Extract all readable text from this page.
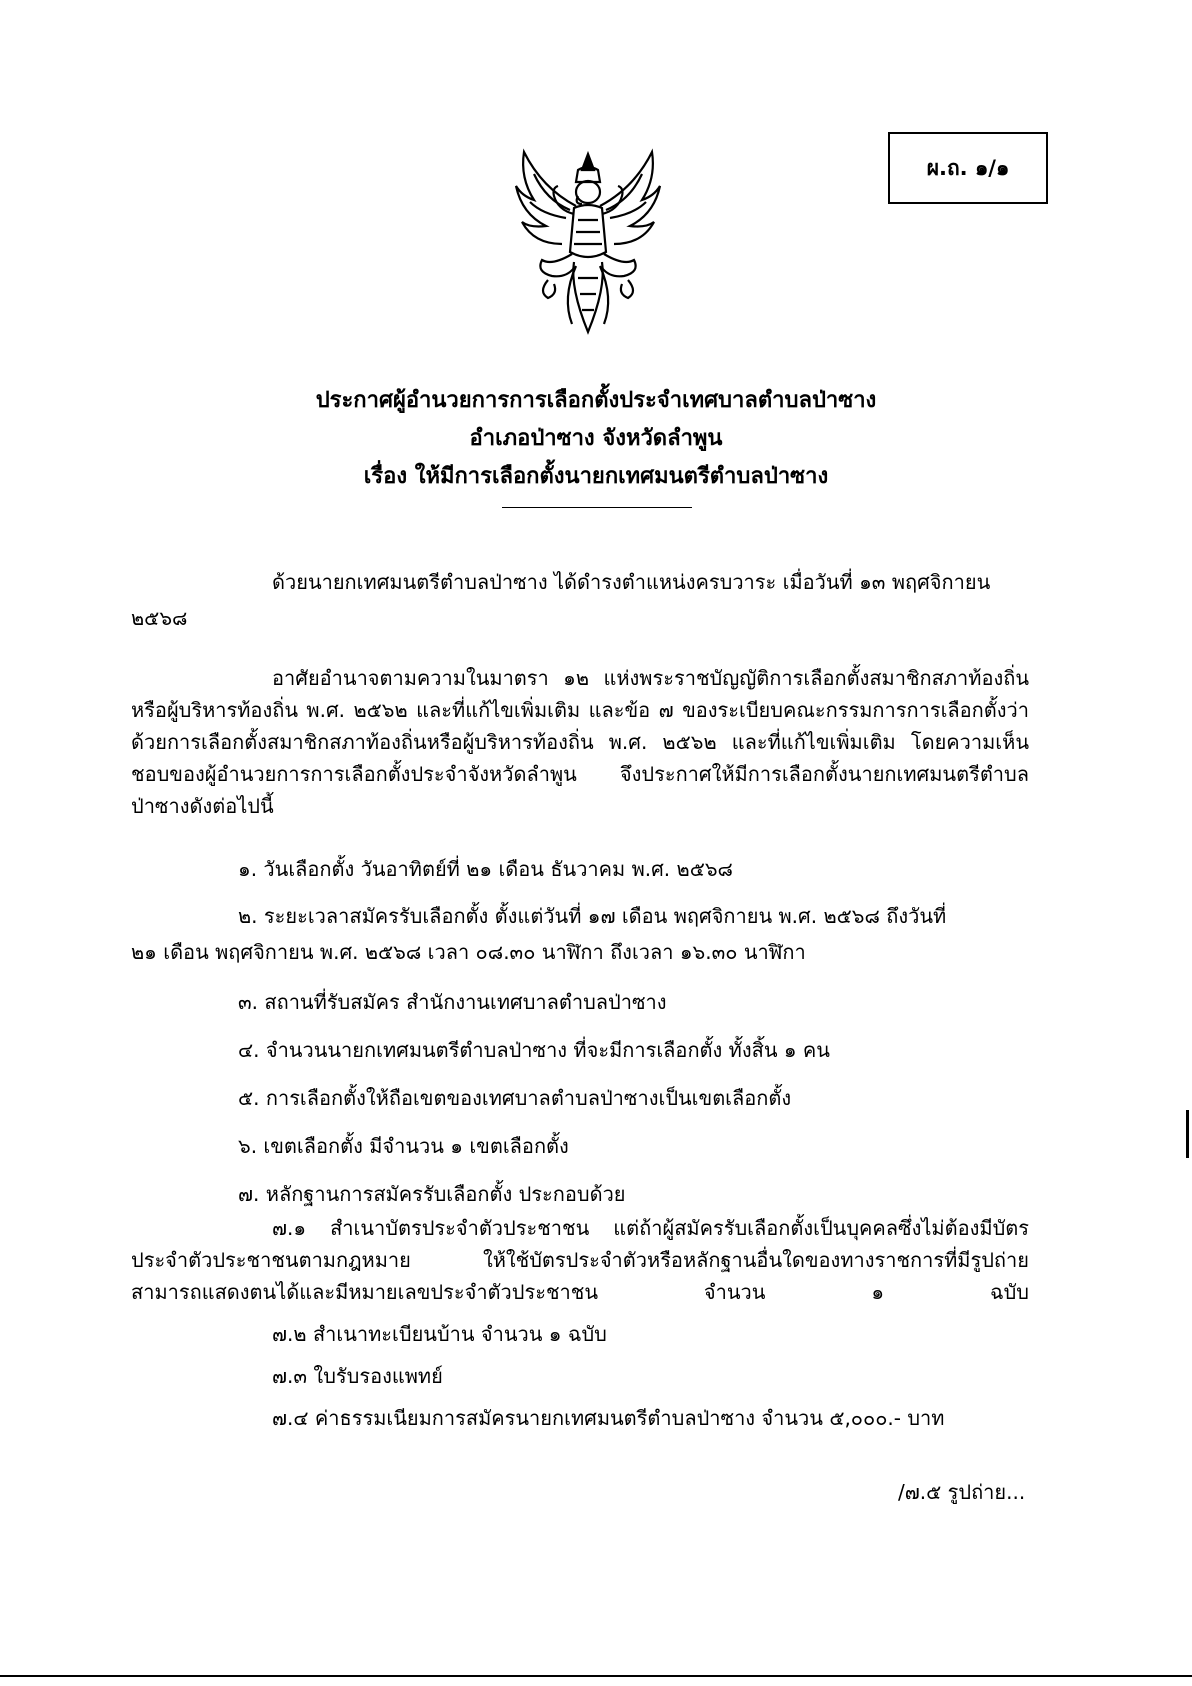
ผ.ถ. ๑/๑
ประกาศผู้อำนวยการการเลือกตั้งประจำเทศบาลตำบลป่าซาง
อำเภอป่าซาง จังหวัดลำพูน
เรื่อง ให้มีการเลือกตั้งนายกเทศมนตรีตำบลป่าซาง
ด้วยนายกเทศมนตรีตำบลป่าซาง ได้ดำรงตำแหน่งครบวาระ เมื่อวันที่ ๑๓ พฤศจิกายน
๒๕๖๘
อาศัยอำนาจตามความในมาตรา ๑๒ แห่งพระราชบัญญัติการเลือกตั้งสมาชิกสภาท้องถิ่นหรือผู้บริหารท้องถิ่น พ.ศ. ๒๕๖๒ และที่แก้ไขเพิ่มเติม และข้อ ๗ ของระเบียบคณะกรรมการการเลือกตั้งว่าด้วยการเลือกตั้งสมาชิกสภาท้องถิ่นหรือผู้บริหารท้องถิ่น พ.ศ. ๒๕๖๒ และที่แก้ไขเพิ่มเติม โดยความเห็นชอบของผู้อำนวยการการเลือกตั้งประจำจังหวัดลำพูน จึงประกาศให้มีการเลือกตั้งนายกเทศมนตรีตำบลป่าซางดังต่อไปนี้
๑. วันเลือกตั้ง วันอาทิตย์ที่ ๒๑ เดือน ธันวาคม พ.ศ. ๒๕๖๘
๒. ระยะเวลาสมัครรับเลือกตั้ง ตั้งแต่วันที่ ๑๗ เดือน พฤศจิกายน พ.ศ. ๒๕๖๘ ถึงวันที่
๒๑ เดือน พฤศจิกายน พ.ศ. ๒๕๖๘ เวลา ๐๘.๓๐ นาฬิกา ถึงเวลา ๑๖.๓๐ นาฬิกา
๓. สถานที่รับสมัคร สำนักงานเทศบาลตำบลป่าซาง
๔. จำนวนนายกเทศมนตรีตำบลป่าซาง ที่จะมีการเลือกตั้ง ทั้งสิ้น ๑ คน
๕. การเลือกตั้งให้ถือเขตของเทศบาลตำบลป่าซางเป็นเขตเลือกตั้ง
๖. เขตเลือกตั้ง มีจำนวน ๑ เขตเลือกตั้ง
๗. หลักฐานการสมัครรับเลือกตั้ง ประกอบด้วย
๗.๑ สำเนาบัตรประจำตัวประชาชน แต่ถ้าผู้สมัครรับเลือกตั้งเป็นบุคคลซึ่งไม่ต้องมีบัตรประจำตัวประชาชนตามกฎหมาย ให้ใช้บัตรประจำตัวหรือหลักฐานอื่นใดของทางราชการที่มีรูปถ่ายสามารถแสดงตนได้และมีหมายเลขประจำตัวประชาชน จำนวน ๑ ฉบับ
๗.๒ สำเนาทะเบียนบ้าน จำนวน ๑ ฉบับ
๗.๓ ใบรับรองแพทย์
๗.๔ ค่าธรรมเนียมการสมัครนายกเทศมนตรีตำบลป่าซาง จำนวน ๕,๐๐๐.- บาท
/๗.๕ รูปถ่าย...
